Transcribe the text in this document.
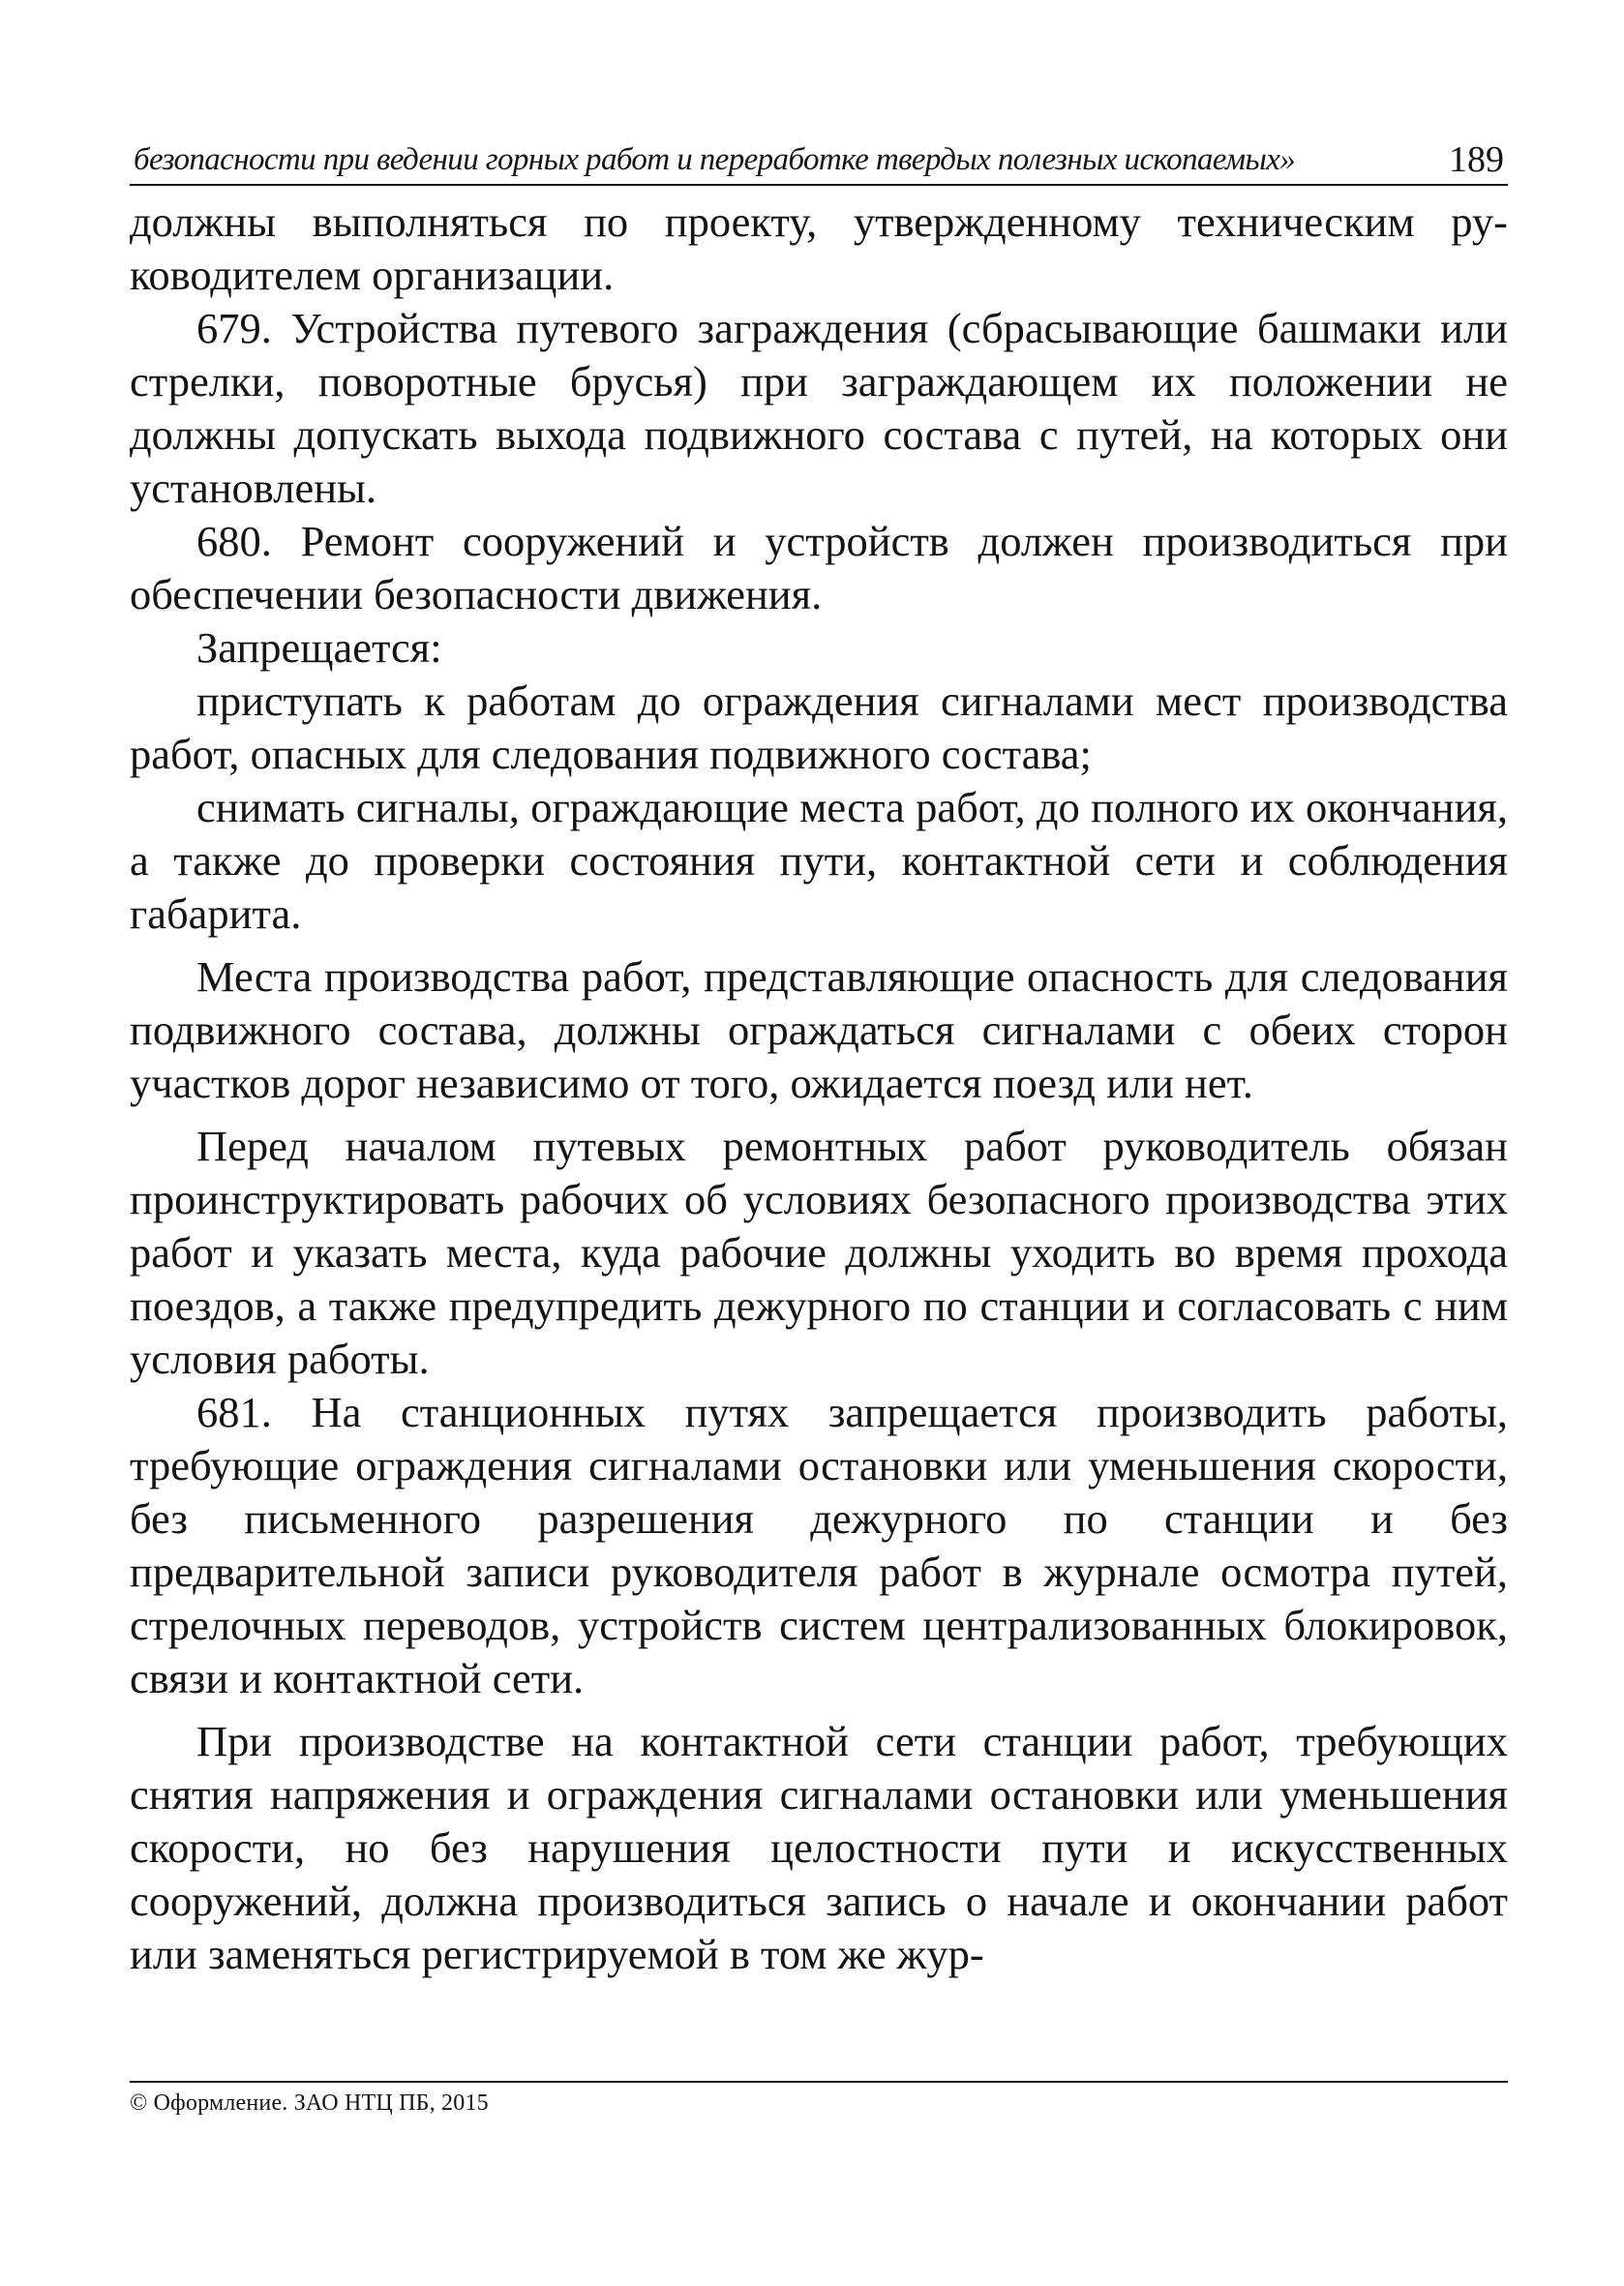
безопасности при ведении горных работ и переработке твердых полезных ископаемых»	189

должны выполняться по проекту, утвержденному техническим руководителем организации.

679. Устройства путевого заграждения (сбрасывающие башмаки или стрелки, поворотные брусья) при заграждающем их положении не должны допускать выхода подвижного состава с путей, на которых они установлены.

680. Ремонт сооружений и устройств должен производиться при обеспечении безопасности движения.

Запрещается:

приступать к работам до ограждения сигналами мест производства работ, опасных для следования подвижного состава;

снимать сигналы, ограждающие места работ, до полного их окончания, а также до проверки состояния пути, контактной сети и соблюдения габарита.

Места производства работ, представляющие опасность для следования подвижного состава, должны ограждаться сигналами с обеих сторон участков дорог независимо от того, ожидается поезд или нет.

Перед началом путевых ремонтных работ руководитель обязан проинструктировать рабочих об условиях безопасного производства этих работ и указать места, куда рабочие должны уходить во время прохода поездов, а также предупредить дежурного по станции и согласовать с ним условия работы.

681. На станционных путях запрещается производить работы, требующие ограждения сигналами остановки или уменьшения скорости, без письменного разрешения дежурного по станции и без предварительной записи руководителя работ в журнале осмотра путей, стрелочных переводов, устройств систем централизованных блокировок, связи и контактной сети.

При производстве на контактной сети станции работ, требующих снятия напряжения и ограждения сигналами остановки или уменьшения скорости, но без нарушения целостности пути и искусственных сооружений, должна производиться запись о начале и окончании работ или заменяться регистрируемой в том же жур-

© Оформление. ЗАО НТЦ ПБ, 2015
